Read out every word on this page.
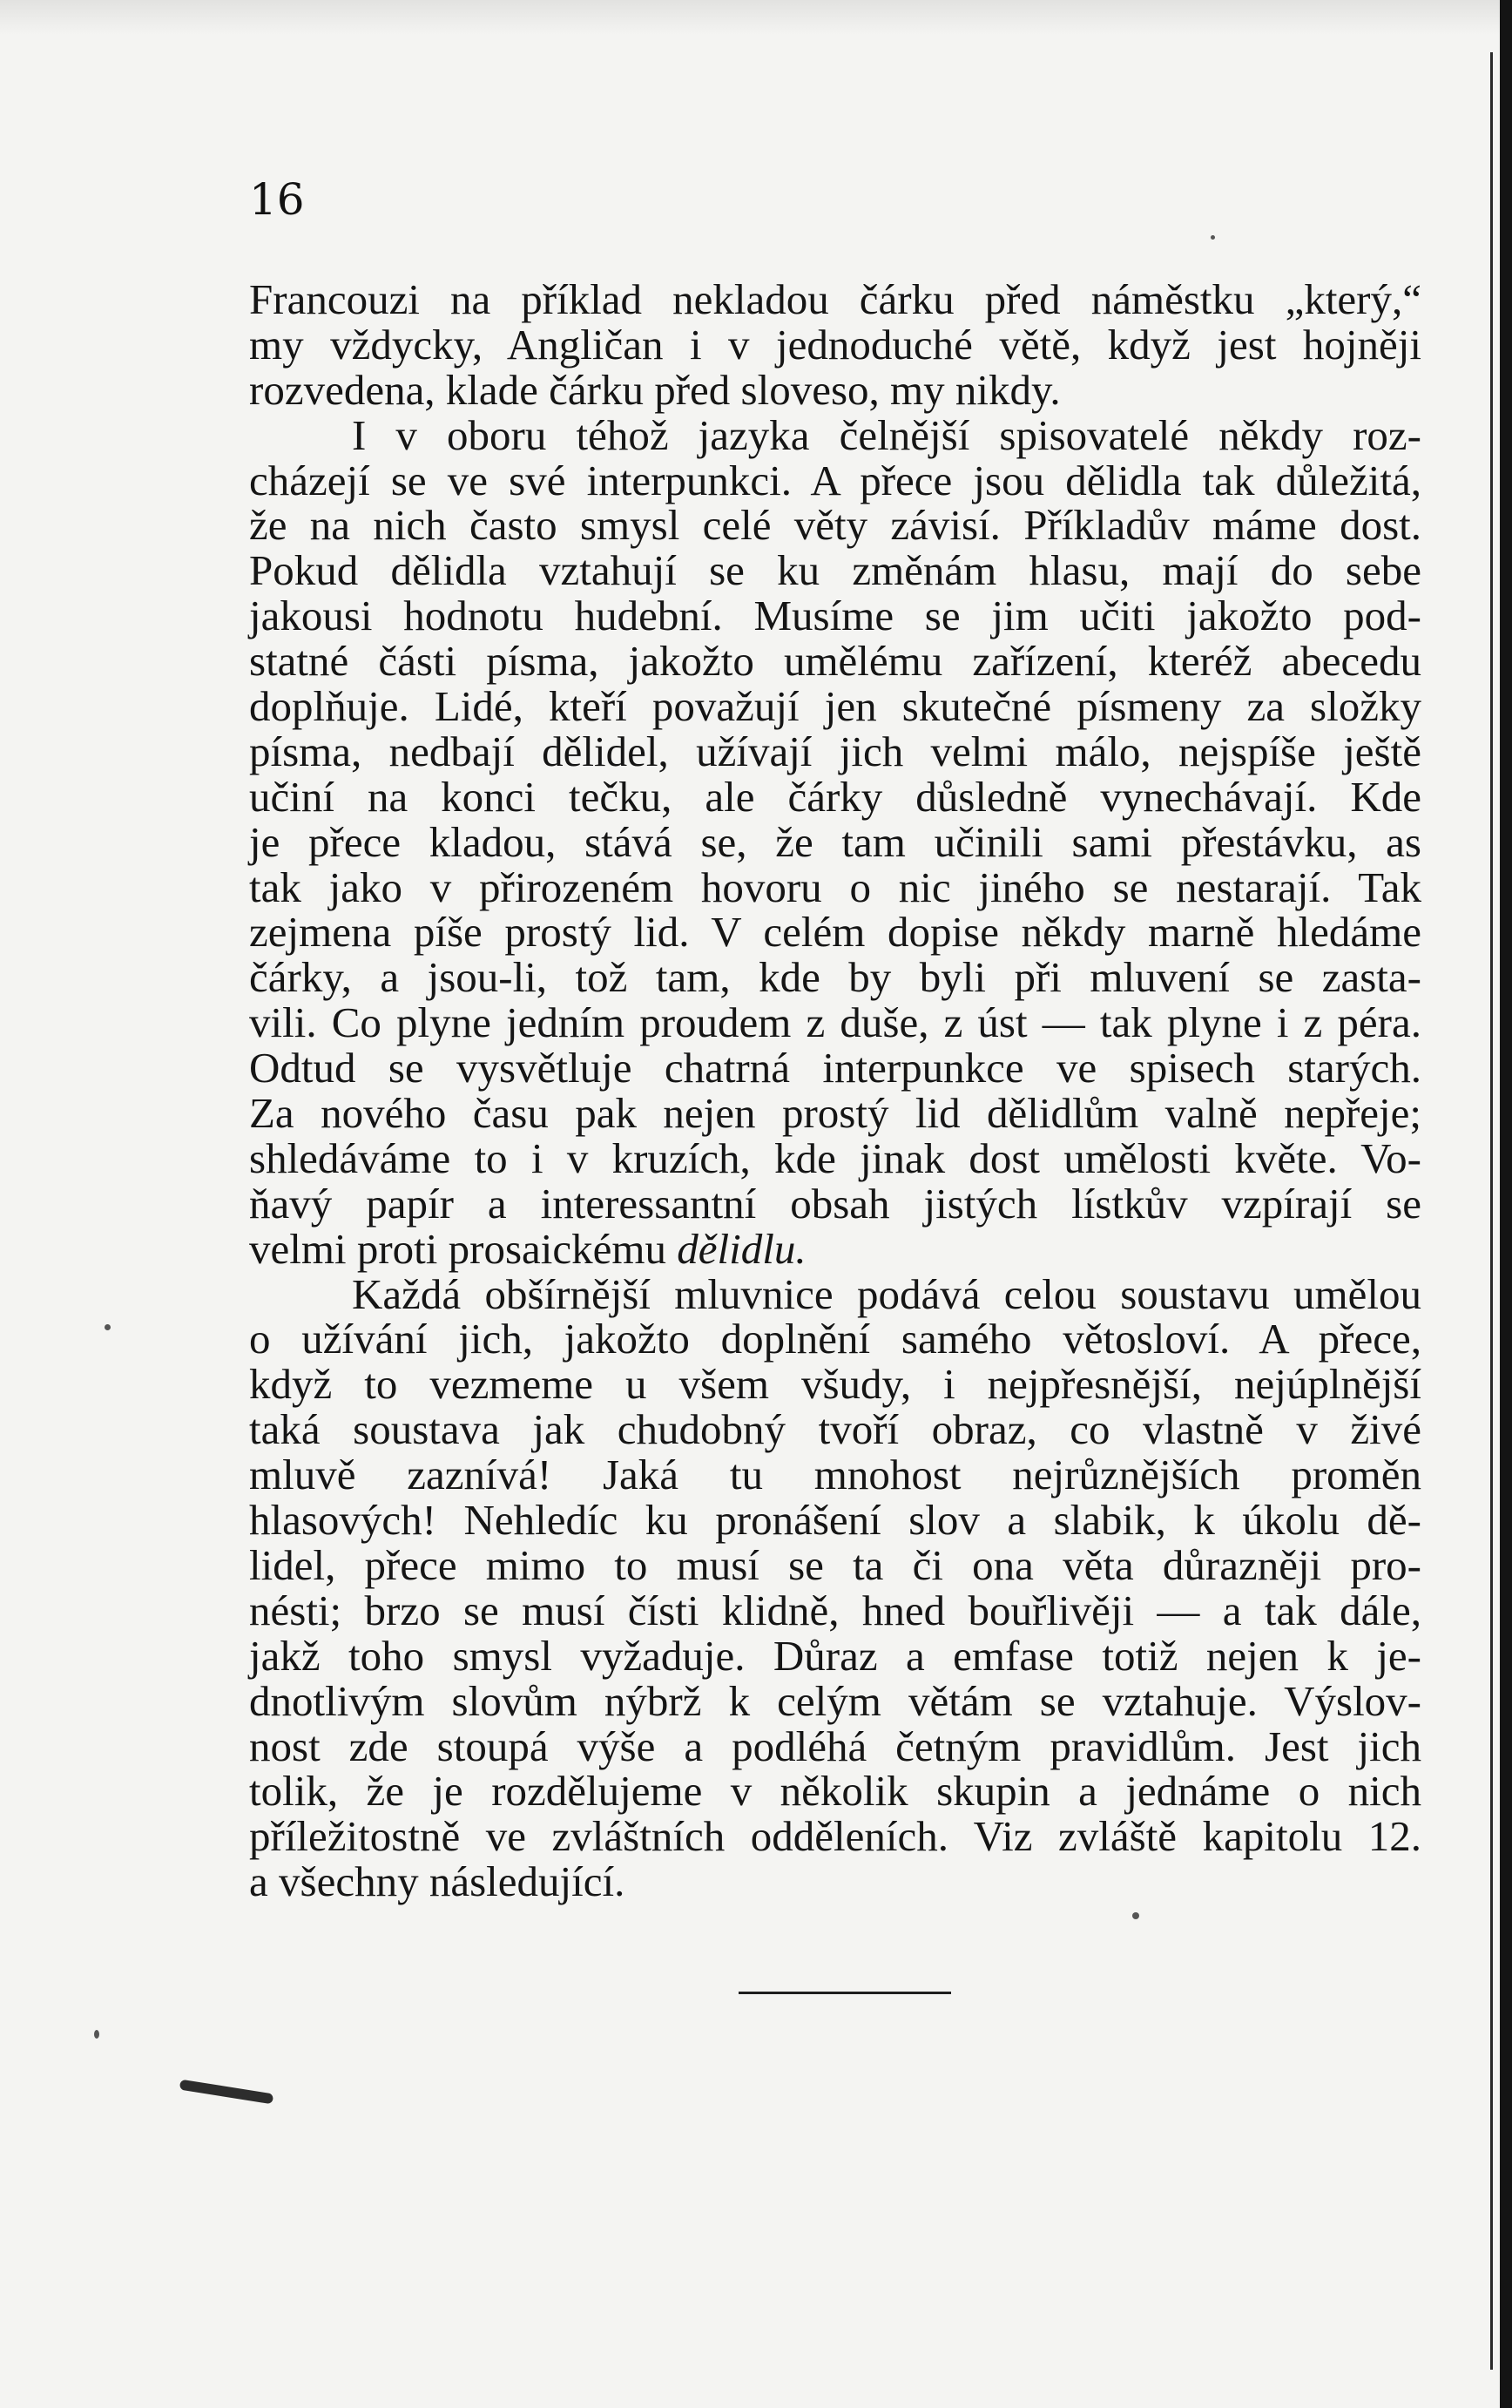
16
Francouzi na příklad nekladou čárku před náměstku „který,“
my vždycky, Angličan i v jednoduché větě, když jest hojněji
rozvedena, klade čárku před sloveso, my nikdy.
I v oboru téhož jazyka čelnější spisovatelé někdy roz-
cházejí se ve své interpunkci. A přece jsou dělidla tak důležitá,
že na nich často smysl celé věty závisí. Příkladův máme dost.
Pokud dělidla vztahují se ku změnám hlasu, mají do sebe
jakousi hodnotu hudební. Musíme se jim učiti jakožto pod-
statné části písma, jakožto umělému zařízení, kteréž abecedu
doplňuje. Lidé, kteří považují jen skutečné písmeny za složky
písma, nedbají dělidel, užívají jich velmi málo, nejspíše ještě
učiní na konci tečku, ale čárky důsledně vynechávají. Kde
je přece kladou, stává se, že tam učinili sami přestávku, as
tak jako v přirozeném hovoru o nic jiného se nestarají. Tak
zejmena píše prostý lid. V celém dopise někdy marně hledáme
čárky, a jsou-li, tož tam, kde by byli při mluvení se zasta-
vili. Co plyne jedním proudem z duše, z úst — tak plyne i z péra.
Odtud se vysvětluje chatrná interpunkce ve spisech starých.
Za nového času pak nejen prostý lid dělidlům valně nepřeje;
shledáváme to i v kruzích, kde jinak dost umělosti květe. Vo-
ňavý papír a interessantní obsah jistých lístkův vzpírají se
velmi proti prosaickému dělidlu.
Každá obšírnější mluvnice podává celou soustavu umělou
o užívání jich, jakožto doplnění samého větosloví. A přece,
když to vezmeme u všem všudy, i nejpřesnější, nejúplnější
taká soustava jak chudobný tvoří obraz, co vlastně v živé
mluvě zaznívá! Jaká tu mnohost nejrůznějších proměn
hlasových! Nehledíc ku pronášení slov a slabik, k úkolu dě-
lidel, přece mimo to musí se ta či ona věta důrazněji pro-
nésti; brzo se musí čísti klidně, hned bouřlivěji — a tak dále,
jakž toho smysl vyžaduje. Důraz a emfase totiž nejen k je-
dnotlivým slovům nýbrž k celým větám se vztahuje. Výslov-
nost zde stoupá výše a podléhá četným pravidlům. Jest jich
tolik, že je rozdělujeme v několik skupin a jednáme o nich
příležitostně ve zvláštních odděleních. Viz zvláště kapitolu 12.
a všechny následující.
